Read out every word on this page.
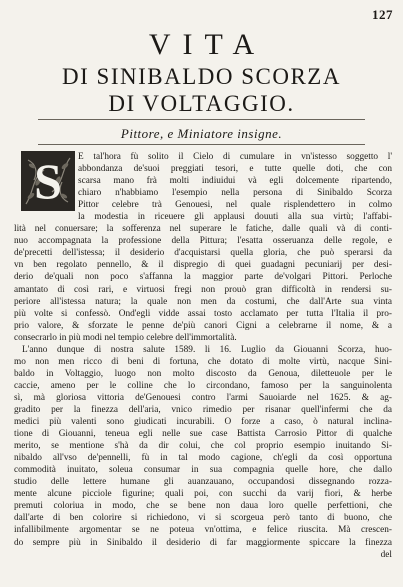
127
VITA
DI SINIBALDO SCORZA
DI VOLTAGGIO.
Pittore, e Miniatore insigne.
S	E tal'hora fù solito il Cielo di cumulare in vn'istesso soggetto l'
abbondanza de'suoi preggiati tesori, e tutte quelle doti, che con
scarsa mano frà molti indiuidui và egli dolcemente ripartendo,
chiaro n'habbiamo l'esempio nella persona di Sinibaldo Scorza
Pittor celebre trà Genouesi, nel quale risplendettero in colmo
la modestia in riceuere gli applausi douuti alla sua virtù; l'affabi-
lità nel conuersare; la sofferenza nel superare le fatiche, dalle quali và di conti-
nuo accompagnata la professione della Pittura; l'esatta osseruanza delle regole, e
de'precetti dell'istessa; il desiderio d'acquistarsi quella gloria, che può sperarsi da
vn ben regolato pennello, & il dispregio di quei guadagni pecuniarij per desi-
derio de'quali non poco s'affanna la maggior parte de'volgari Pittori. Perloche
amantato di così rari, e virtuosi fregi non prouò gran difficoltà in rendersi su-
periore all'istessa natura; la quale non men da costumi, che dall'Arte sua vinta
più volte si confessò. Ond'egli vidde assai tosto acclamato per tutta l'Italia il pro-
prio valore, & sforzate le penne de'più canori Cigni a celebrarne il nome, & a
consecrarlo in più modi nel tempio celebre dell'immortalità.
L'anno dunque di nostra salute 1589. li 16. Luglio da Giouanni Scorza, huo-
mo non men ricco di beni di fortuna, che dotato di molte virtù, nacque Sini-
baldo in Voltaggio, luogo non molto discosto da Genoua, diletteuole per le
caccie, ameno per le colline che lo circondano, famoso per la sanguinolenta
sì, mà gloriosa vittoria de'Genouesi contro l'armi Sauoiarde nel 1625. & ag-
gradito per la finezza dell'aria, vnico rimedio per risanar quell'infermi che da
medici più valenti sono giudicati incurabili. O forze a caso, ò natural inclina-
tione di Giouanni, teneua egli nelle sue case Battista Carrosio Pittor di qualche
merito, se mentione s'hà da dir colui, che col proprio esempio inuitando Si-
nibaldo all'vso de'pennelli, fù in tal modo cagione, ch'egli da così opportuna
commodità inuitato, soleua consumar in sua compagnia quelle hore, che dallo
studio delle lettere humane gli auanzauano, occupandosi dissegnando rozza-
mente alcune picciole figurine; quali poi, con succhi da varij fiori, & herbe
premuti coloriua in modo, che se bene non daua loro quelle perfettioni, che
dall'arte di ben colorire si richiedono, vi si scorgeua però tanto di buono, che
infallibilmente argomentar se ne poteua vn'ottima, e felice riuscita. Mà crescen-
do sempre più in Sinibaldo il desiderio di far maggiormente spiccare la finezza
del
